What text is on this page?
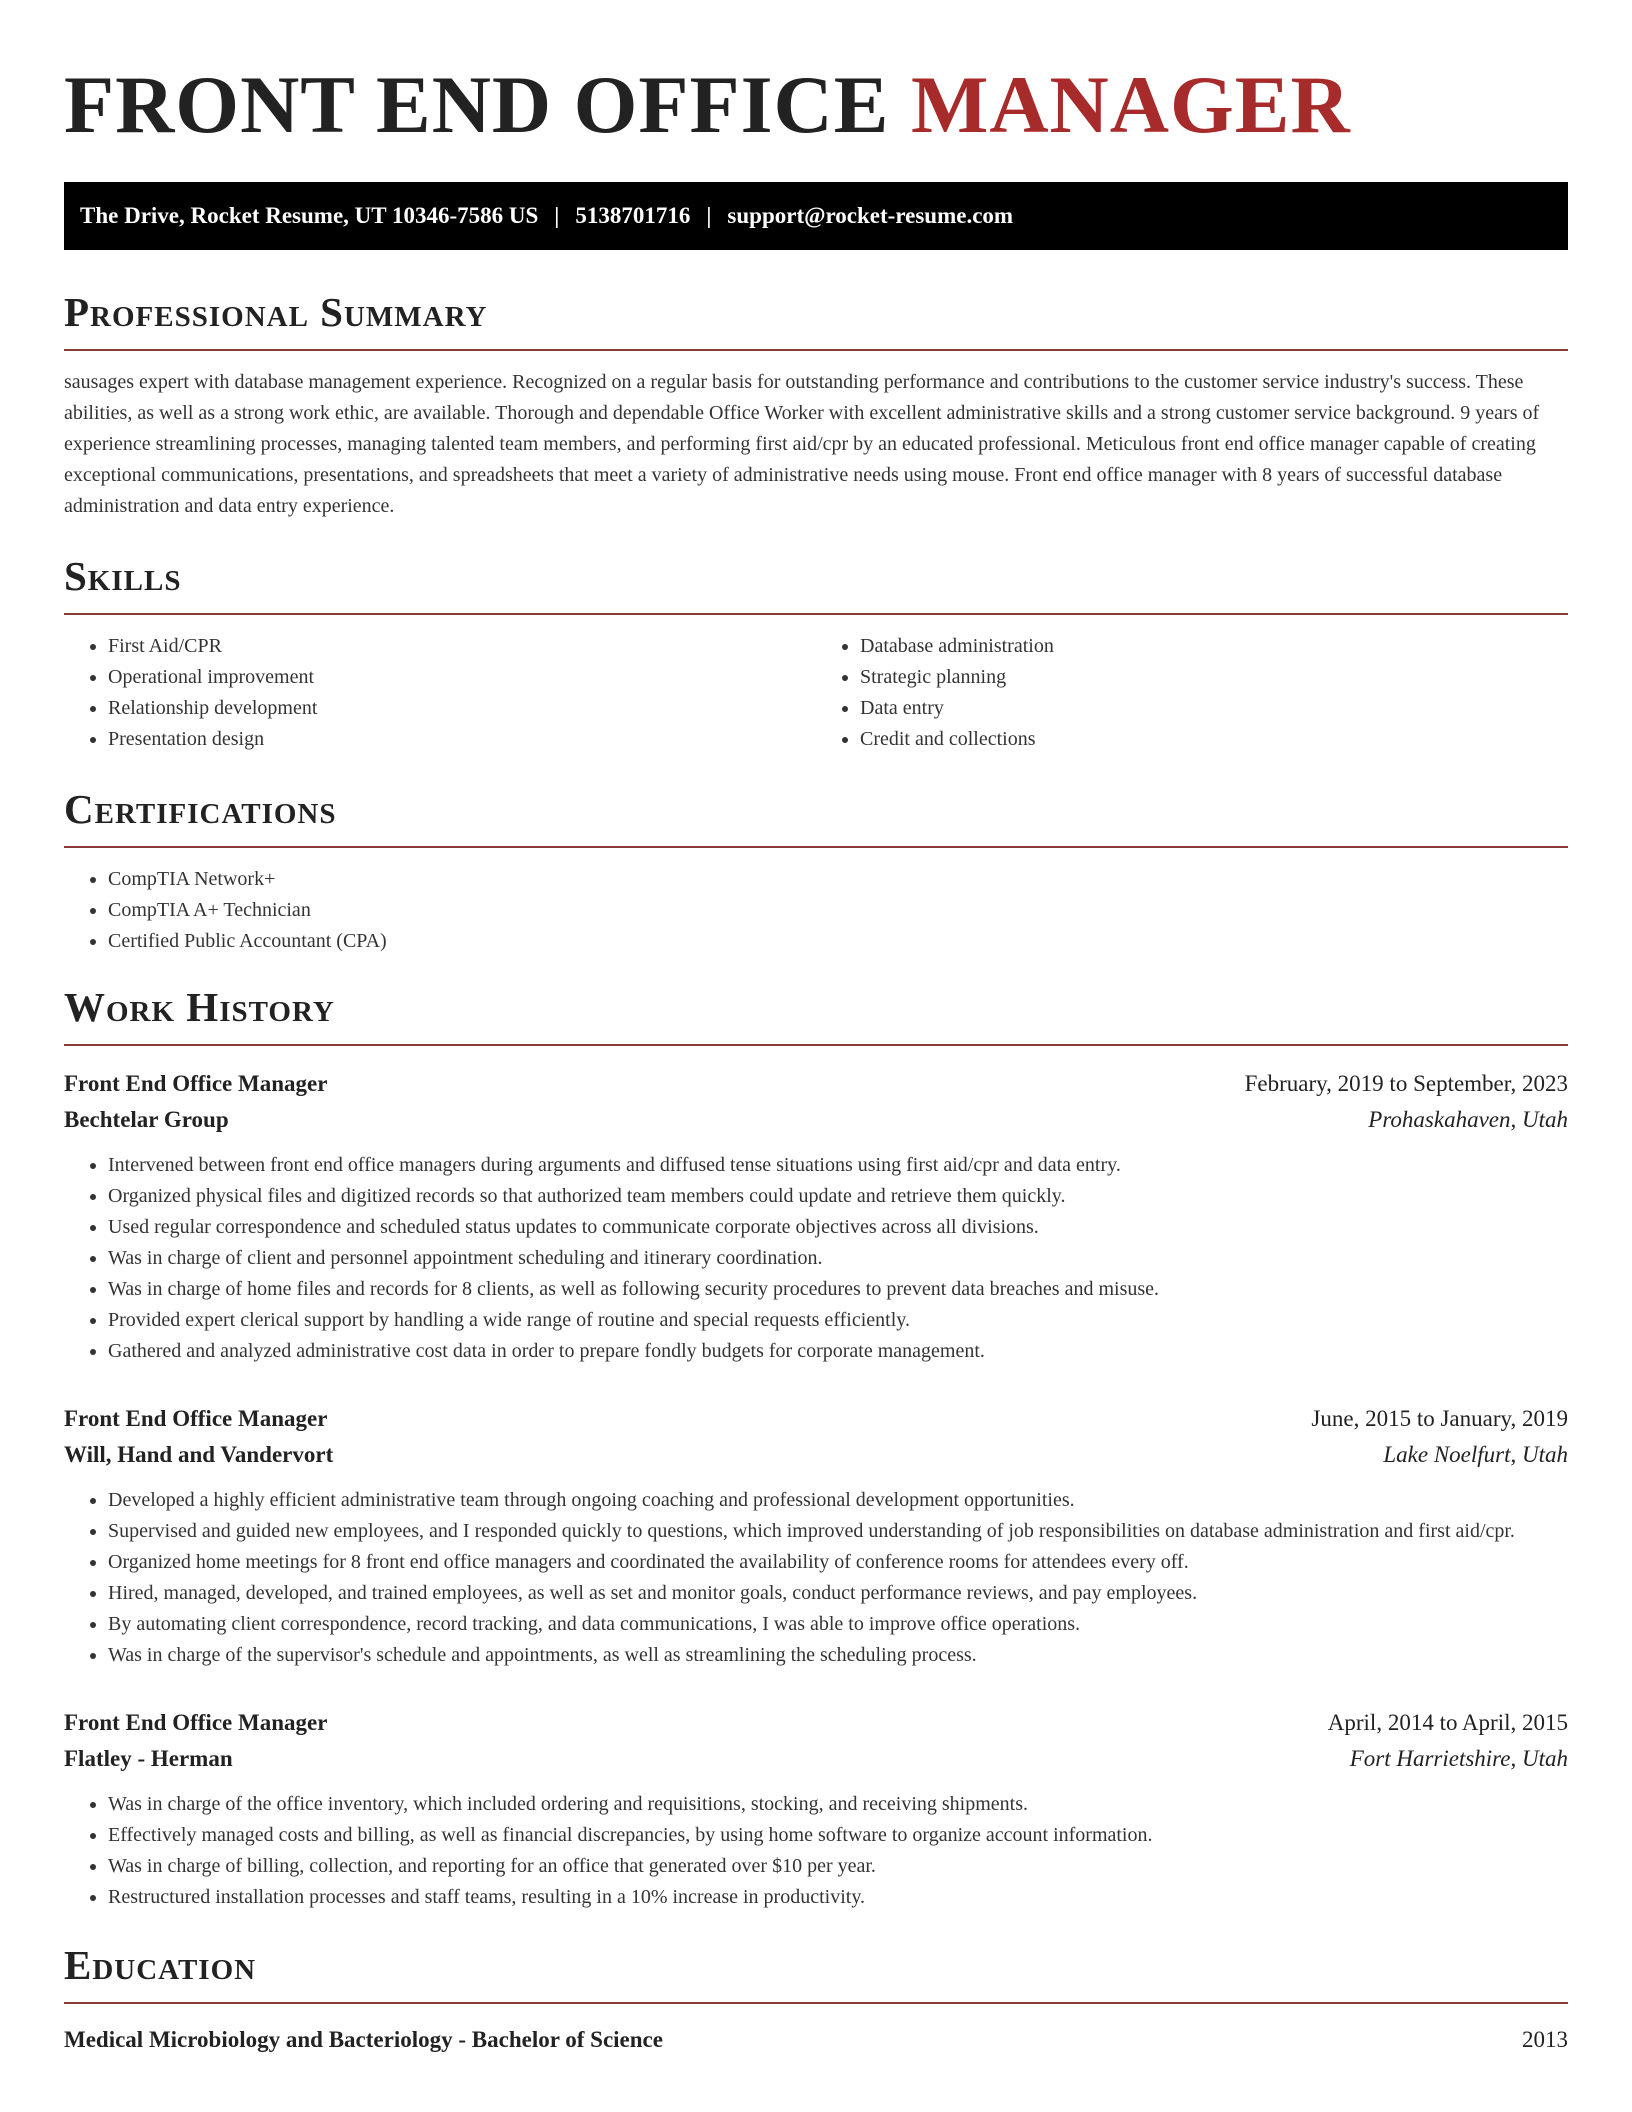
FRONT END OFFICE MANAGER
The Drive, Rocket Resume, UT 10346-7586 US | 5138701716 | support@rocket-resume.com
Professional Summary

sausages expert with database management experience. Recognized on a regular basis for outstanding performance and contributions to the customer service industry's success. These abilities, as well as a strong work ethic, are available. Thorough and dependable Office Worker with excellent administrative skills and a strong customer service background. 9 years of experience streamlining processes, managing talented team members, and performing first aid/cpr by an educated professional. Meticulous front end office manager capable of creating exceptional communications, presentations, and spreadsheets that meet a variety of administrative needs using mouse. Front end office manager with 8 years of successful database administration and data entry experience.

Skills
• First Aid/CPR
• Operational improvement
• Relationship development
• Presentation design
• Database administration
• Strategic planning
• Data entry
• Credit and collections
Certifications
• CompTIA Network+
• CompTIA A+ Technician
• Certified Public Accountant (CPA)
Work History
Front End Office Manager	February, 2019 to September, 2023
Bechtelar Group	Prohaskahaven, Utah
• Intervened between front end office managers during arguments and diffused tense situations using first aid/cpr and data entry.
• Organized physical files and digitized records so that authorized team members could update and retrieve them quickly.
• Used regular correspondence and scheduled status updates to communicate corporate objectives across all divisions.
• Was in charge of client and personnel appointment scheduling and itinerary coordination.
• Was in charge of home files and records for 8 clients, as well as following security procedures to prevent data breaches and misuse.
• Provided expert clerical support by handling a wide range of routine and special requests efficiently.
• Gathered and analyzed administrative cost data in order to prepare fondly budgets for corporate management.
Front End Office Manager	June, 2015 to January, 2019
Will, Hand and Vandervort	Lake Noelfurt, Utah
• Developed a highly efficient administrative team through ongoing coaching and professional development opportunities.
• Supervised and guided new employees, and I responded quickly to questions, which improved understanding of job responsibilities on database administration and first aid/cpr.
• Organized home meetings for 8 front end office managers and coordinated the availability of conference rooms for attendees every off.
• Hired, managed, developed, and trained employees, as well as set and monitor goals, conduct performance reviews, and pay employees.
• By automating client correspondence, record tracking, and data communications, I was able to improve office operations.
• Was in charge of the supervisor's schedule and appointments, as well as streamlining the scheduling process.
Front End Office Manager	April, 2014 to April, 2015
Flatley - Herman	Fort Harrietshire, Utah
• Was in charge of the office inventory, which included ordering and requisitions, stocking, and receiving shipments.
• Effectively managed costs and billing, as well as financial discrepancies, by using home software to organize account information.
• Was in charge of billing, collection, and reporting for an office that generated over $10 per year.
• Restructured installation processes and staff teams, resulting in a 10% increase in productivity.
Education
Medical Microbiology and Bacteriology - Bachelor of Science	2013
